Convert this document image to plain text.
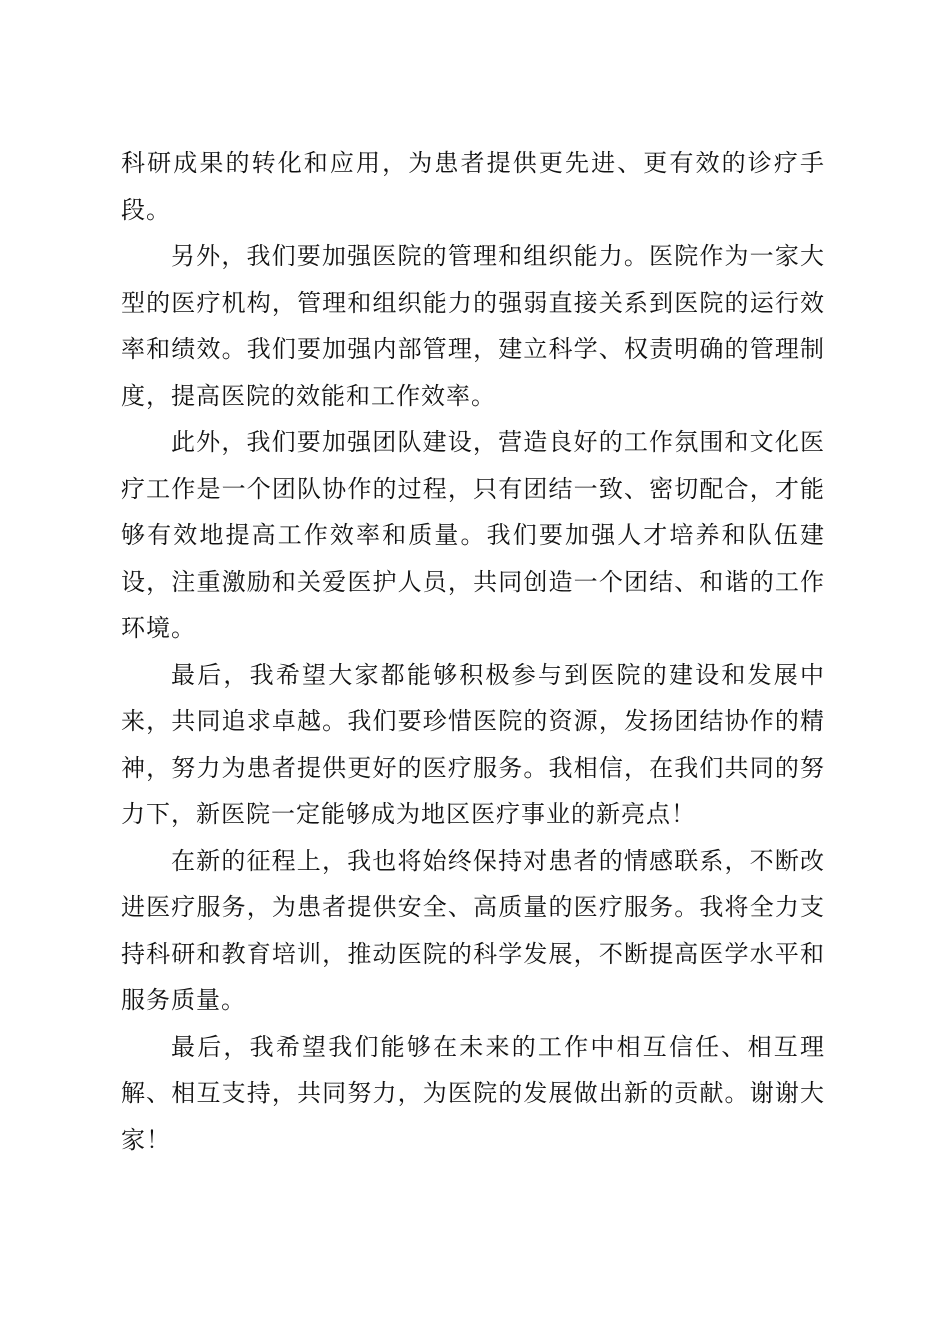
科研成果的转化和应用，为患者提供更先进、更有效的诊疗手段。

另外，我们要加强医院的管理和组织能力。医院作为一家大型的医疗机构，管理和组织能力的强弱直接关系到医院的运行效率和绩效。我们要加强内部管理，建立科学、权责明确的管理制度，提高医院的效能和工作效率。

此外，我们要加强团队建设，营造良好的工作氛围和文化医疗工作是一个团队协作的过程，只有团结一致、密切配合，才能够有效地提高工作效率和质量。我们要加强人才培养和队伍建设，注重激励和关爱医护人员，共同创造一个团结、和谐的工作环境。

最后，我希望大家都能够积极参与到医院的建设和发展中来，共同追求卓越。我们要珍惜医院的资源，发扬团结协作的精神，努力为患者提供更好的医疗服务。我相信，在我们共同的努力下，新医院一定能够成为地区医疗事业的新亮点！

在新的征程上，我也将始终保持对患者的情感联系，不断改进医疗服务，为患者提供安全、高质量的医疗服务。我将全力支持科研和教育培训，推动医院的科学发展，不断提高医学水平和服务质量。

最后，我希望我们能够在未来的工作中相互信任、相互理解、相互支持，共同努力，为医院的发展做出新的贡献。谢谢大家！
